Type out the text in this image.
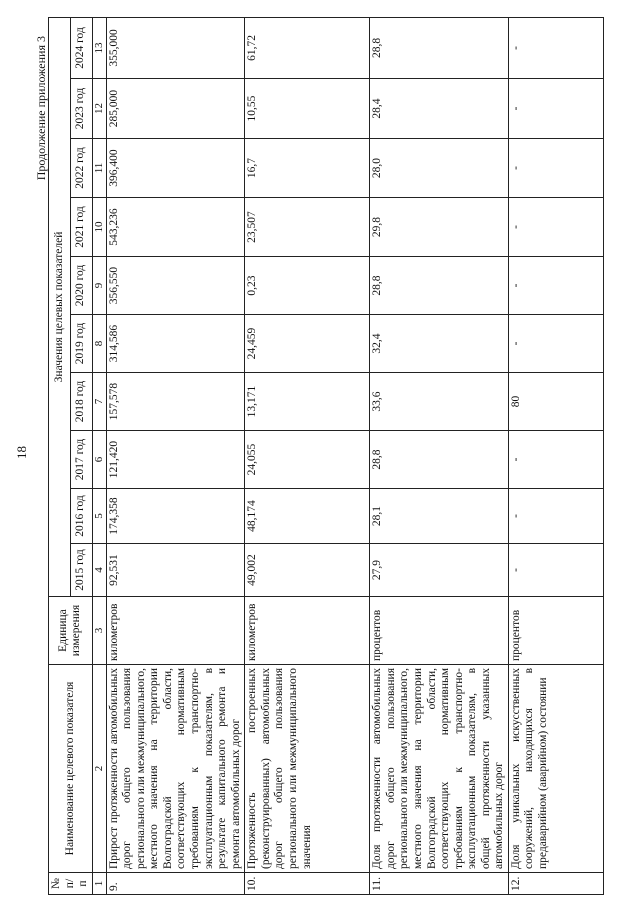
18
Продолжение приложения 3
№ п/п	Наименование целевого показателя	Единица измерения	Значения целевых показателей									
			2015 год	2016 год	2017 год	2018 год	2019 год	2020 год	2021 год	2022 год	2023 год	2024 год
1	2	3	4	5	6	7	8	9	10	11	12	13
9.	Прирост протяженности автомобильных дорог общего пользования регионального или межмуниципального, местного значения на территории Волгоградской области, соответствующих нормативным требованиям к транспортно-эксплуатационным показателям, в результате капитального ремонта и ремонта автомобильных дорог	километров	92,531	174,358	121,420	157,578	314,586	356,550	543,236	396,400	285,000	355,000
10.	Протяженность построенных (реконструированных) автомобильных дорог общего пользования регионального или межмуниципального значения	километров	49,002	48,174	24,055	13,171	24,459	0,23	23,507	16,7	10,55	61,72
11.	Доля протяженности автомобильных дорог общего пользования регионального или межмуниципального, местного значения на территории Волгоградской области, соответствующих нормативным требованиям к транспортно-эксплуатационным показателям, в общей протяженности указанных автомобильных дорог	процентов	27,9	28,1	28,8	33,6	32,4	28,8	29,8	28,0	28,4	28,8
12.	Доля уникальных искусственных сооружений, находящихся в предаварийном (аварийном) состоянии	процентов	-	-	-	80	-	-	-	-	-	-
